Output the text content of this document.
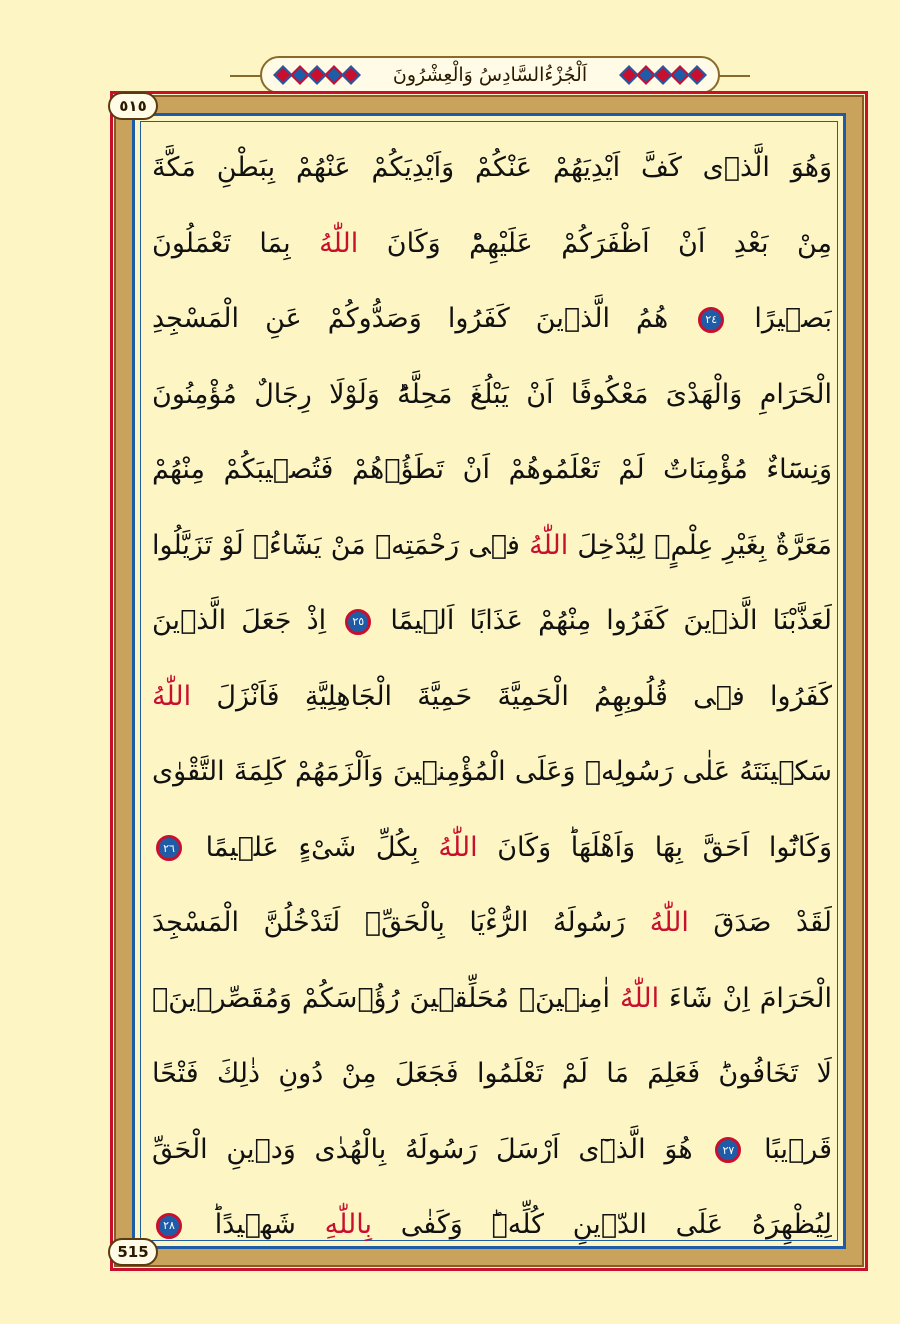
اَلْجُزْءُالسَّادِسُ وَالْعِشْرُونَ
٥١٥
515
وَهُوَ الَّذٖى كَفَّ اَيْدِيَهُمْ عَنْكُمْ وَاَيْدِيَكُمْ عَنْهُمْ بِبَطْنِ مَكَّةَ
مِنْ بَعْدِ اَنْ اَظْفَرَكُمْ عَلَيْهِمْؕ وَكَانَ اللّٰهُ بِمَا تَعْمَلُونَ
بَصٖيرًا ٢٤ هُمُ الَّذٖينَ كَفَرُوا وَصَدُّوكُمْ عَنِ الْمَسْجِدِ
الْحَرَامِ وَالْهَدْىَ مَعْكُوفًا اَنْ يَبْلُغَ مَحِلَّهُؕ وَلَوْلَا رِجَالٌ مُؤْمِنُونَ
وَنِسَٓاءٌ مُؤْمِنَاتٌ لَمْ تَعْلَمُوهُمْ اَنْ تَطَؤُ۫هُمْ فَتُصٖيبَكُمْ مِنْهُمْ
مَعَرَّةٌ بِغَيْرِ عِلْمٍۚ لِيُدْخِلَ اللّٰهُ فٖى رَحْمَتِهٖ مَنْ يَشَٓاءُۚ لَوْ تَزَيَّلُوا
لَعَذَّبْنَا الَّذٖينَ كَفَرُوا مِنْهُمْ عَذَابًا اَلٖيمًا ٢٥ اِذْ جَعَلَ الَّذٖينَ
كَفَرُوا فٖى قُلُوبِهِمُ الْحَمِيَّةَ حَمِيَّةَ الْجَاهِلِيَّةِ فَاَنْزَلَ اللّٰهُ
سَكٖينَتَهُ عَلٰى رَسُولِهٖ وَعَلَى الْمُؤْمِنٖينَ وَاَلْزَمَهُمْ كَلِمَةَ التَّقْوٰى
وَكَانُٓوا اَحَقَّ بِهَا وَاَهْلَهَاؕ وَكَانَ اللّٰهُ بِكُلِّ شَىْءٍ عَلٖيمًا ٢٦
لَقَدْ صَدَقَ اللّٰهُ رَسُولَهُ الرُّءْيَا بِالْحَقِّۚ لَتَدْخُلُنَّ الْمَسْجِدَ
الْحَرَامَ اِنْ شَٓاءَ اللّٰهُ اٰمِنٖينَۙ مُحَلِّقٖينَ رُؤُ۫سَكُمْ وَمُقَصِّرٖينَۙ
لَا تَخَافُونَؕ فَعَلِمَ مَا لَمْ تَعْلَمُوا فَجَعَلَ مِنْ دُونِ ذٰلِكَ فَتْحًا
قَرٖيبًا ٢٧ هُوَ الَّذٖٓى اَرْسَلَ رَسُولَهُ بِالْهُدٰى وَدٖينِ الْحَقِّ
لِيُظْهِرَهُ عَلَى الدّٖينِ كُلِّهٖؕ وَكَفٰى بِاللّٰهِ شَهٖيدًاؕ ٢٨
